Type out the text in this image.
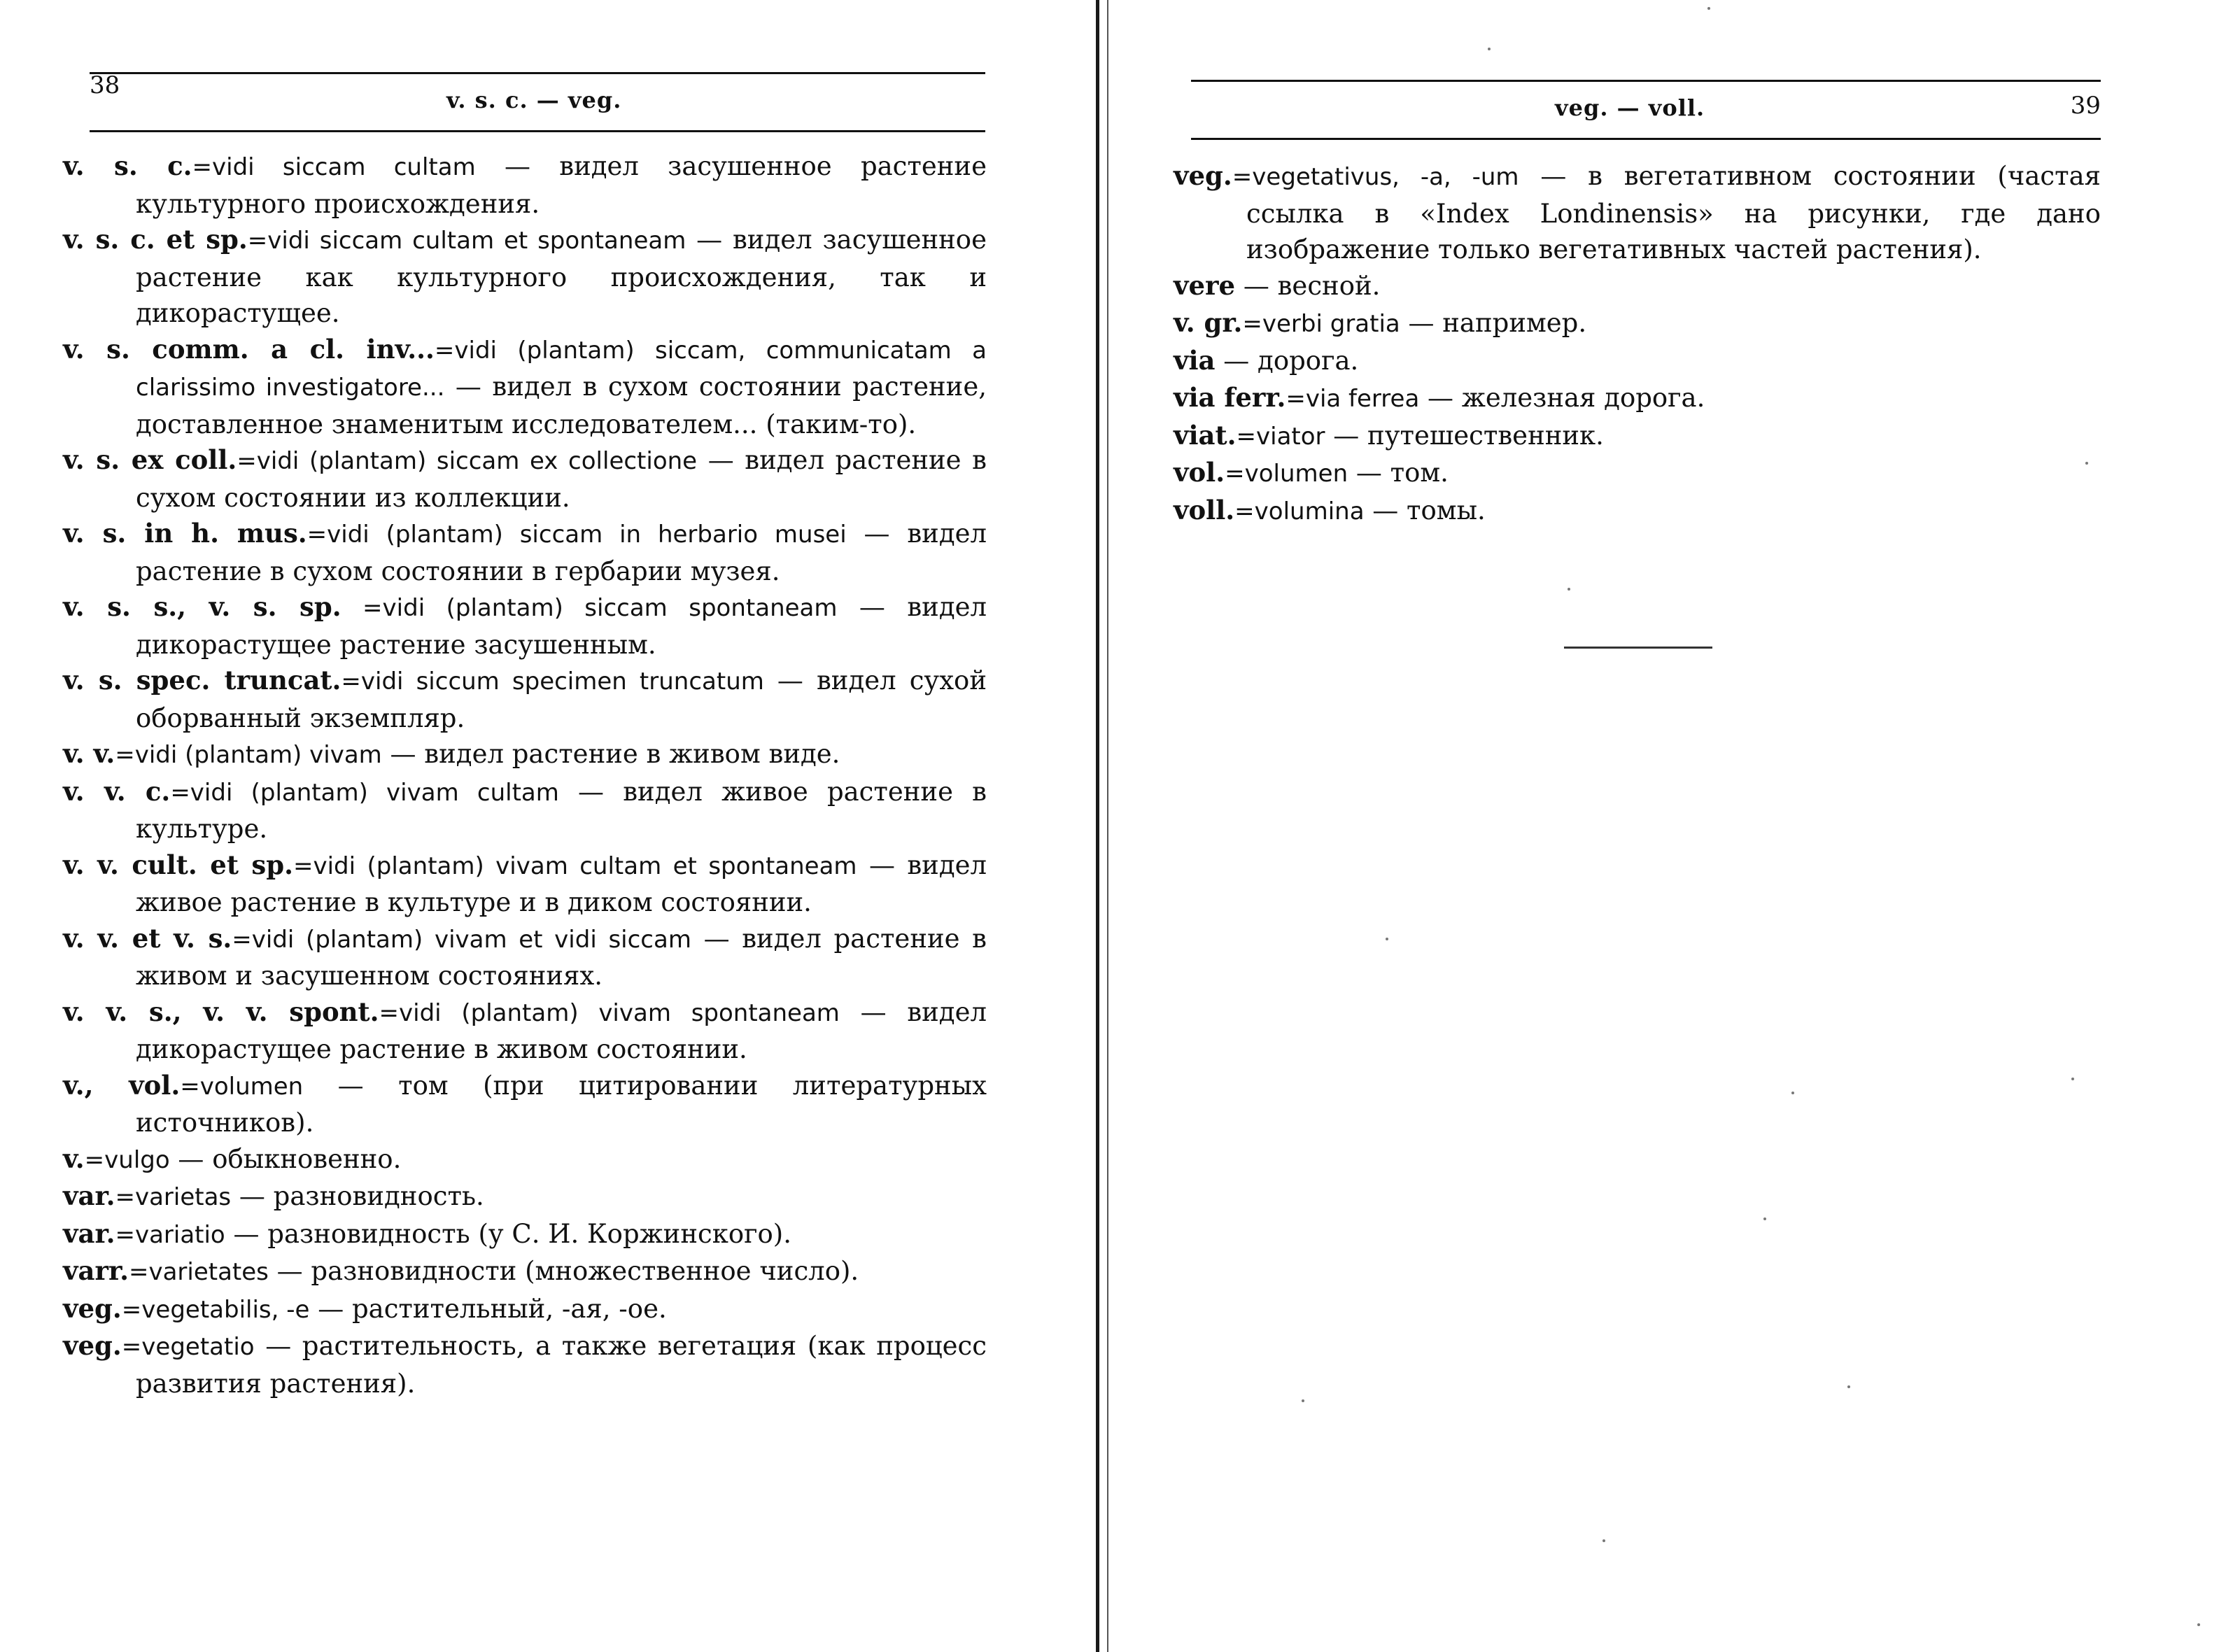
38
v. s. c. — veg.

v. s. c.=vidi siccam cultam — видел засушенное растение культурного происхождения.

v. s. c. et sp.=vidi siccam cultam et spontaneam — видел засушенное растение как культурного происхождения, так и дикорастущее.

v. s. comm. a cl. inv...=vidi (plantam) siccam, communicatam a clarissimo investigatore... — видел в сухом состоянии растение, доставленное знаменитым исследователем... (таким-то).

v. s. ex coll.=vidi (plantam) siccam ex collectione — видел растение в сухом состоянии из коллекции.

v. s. in h. mus.=vidi (plantam) siccam in herbario musei — видел растение в сухом состоянии в гербарии музея.

v. s. s., v. s. sp. =vidi (plantam) siccam spontaneam — видел дикорастущее растение засушенным.

v. s. spec. truncat.=vidi siccum specimen truncatum — видел сухой оборванный экземпляр.

v. v.=vidi (plantam) vivam — видел растение в живом виде.

v. v. c.=vidi (plantam) vivam cultam — видел живое растение в культуре.

v. v. cult. et sp.=vidi (plantam) vivam cultam et spontaneam — видел живое растение в культуре и в диком состоянии.

v. v. et v. s.=vidi (plantam) vivam et vidi siccam — видел растение в живом и засушенном состояниях.

v. v. s., v. v. spont.=vidi (plantam) vivam spontaneam — видел дикорастущее растение в живом состоянии.

v., vol.=volumen — том (при цитировании литературных источников).

v.=vulgo — обыкновенно.

var.=varietas — разновидность.

var.=variatio — разновидность (у С. И. Коржинского).

varr.=varietates — разновидности (множественное число).

veg.=vegetabilis, -e — растительный, -ая, -ое.

veg.=vegetatio — растительность, а также вегетация (как процесс развития растения).

veg. — voll.	39

veg.=vegetativus, -a, -um — в вегетативном состоянии (частая ссылка в «Index Londinensis» на рисунки, где дано изображение только вегетативных частей растения).

vere — весной.

v. gr.=verbi gratia — например.

via — дорога.

via ferr.=via ferrea — железная дорога.

viat.=viator — путешественник.

vol.=volumen — том.

voll.=volumina — томы.
